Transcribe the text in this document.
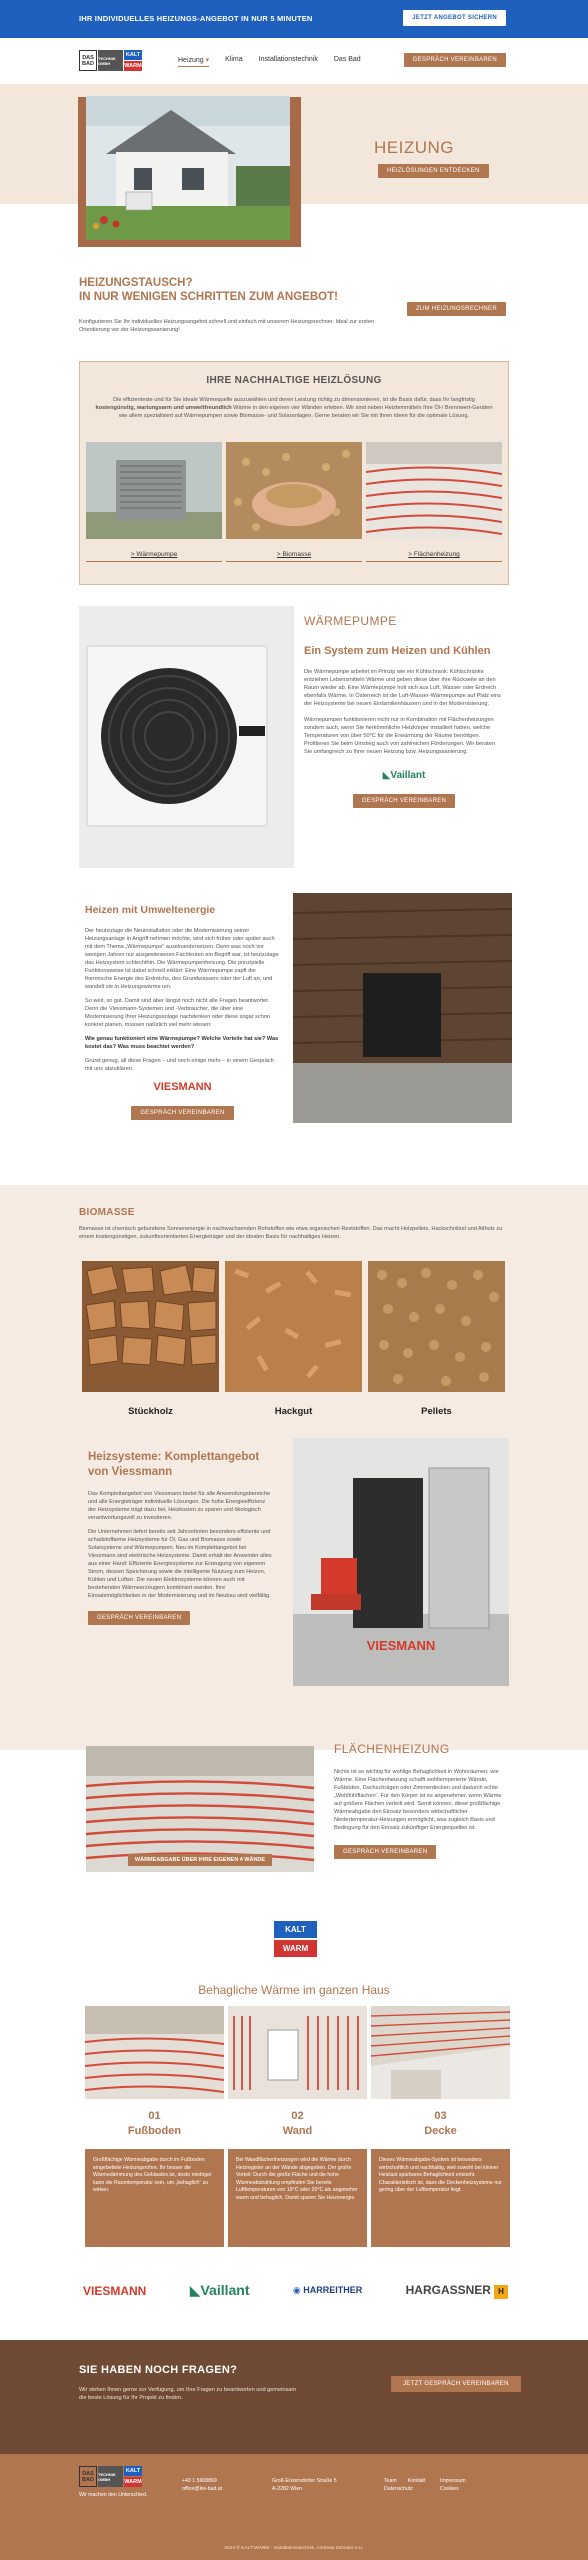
IHR INDIVIDUELLES HEIZUNGS-ANGEBOT IN NUR 5 MINUTEN	JETZT ANGEBOT SICHERN
DAS
BAD
KALT
TECHNIK GMBH	WARM
Heizung ▾ Klima Installationstechnik Das Bad	GESPRÄCH VEREINBAREN
HEIZLÖSUNGEN ENTDECKEN
HEIZUNG
HEIZUNGSTAUSCH?
IN NUR WENIGEN SCHRITTEN ZUM ANGEBOT!
Konfigurieren Sie Ihr individuelles Heizungsangebot schnell und einfach mit unserem Heizungsrechner. Ideal zur ersten Orientierung vor der Heizungssanierung!
ZUM HEIZUNGSRECHNER
IHRE NACHHALTIGE HEIZLÖSUNG

Die effizienteste und für Sie ideale Wärmequelle auszuwählen und deren Leistung richtig zu dimensionieren, ist die Basis dafür, dass Ihr langfristig kostengünstig, wartungsarm und umweltfreundlich Wärme in den eigenen vier Wänden erleben. Wir sind neben Heiztemmitteln Ihre Öl-/ Brennwert-Geräten wie allem spezialisiert auf Wärmepumpen sowie Biomasse- und Solaranlagen. Gerne beraten wir Sie mit Ihren Ideen für die optimale Lösung.

> Wärmepumpe	> Biomasse	> Flächenheizung
WÄRMEPUMPE
Ein System zum Heizen und Kühlen

Die Wärmepumpe arbeitet im Prinzip wie ein Kühlschrank: Kühlschränke entziehen Lebensmitteln Wärme und geben diese über ihre Rückseite an den Raum wieder ab. Eine Wärmepumpe holt sich aus Luft, Wasser oder Erdreich ebenfalls Wärme. In Österreich ist die Luft-Wasser-Wärmepumpe auf Platz eins der Heizsysteme bei neuen Einfamilienhäusern und in der Modernisierung.

Wärmepumpen funktionieren nicht nur in Kombination mit Flächenheizungen sondern auch, wenn Sie herkömmliche Heizkörper installiert haben, welche Temperaturen von über 50°C für die Erwärmung der Räume benötigen. Profitieren Sie beim Umstieg auch von zahlreichen Förderungen. Wir beraten Sie umfangreich zu Ihrer neuen Heizung bzw. Heizungssanierung.

◣Vaillant
GESPRÄCH VEREINBAREN
Heizen mit Umweltenergie

Der heutzutage die Neuinstallation oder die Modernisierung seiner Heizungsanlage in Angriff nehmen möchte, wird sich früher oder später auch mit dem Thema „Wärmepumpe“ auseinandersetzen. Denn was noch vor wenigen Jahren nur ausgewiesenen Fachleuten ein Begriff war, ist heutzutage das Heizsystem schlechthin. Die Wärmepumpenheizung. Die prinzipielle Funktionsweise ist dabei schnell erklärt: Eine Wärmepumpe zapft die thermische Energie des Erdreichs, des Grundwassers oder der Luft an, und wandelt sie in Heizungswärme um.

So weit, so gut. Damit sind aber längst noch nicht alle Fragen beantwortet. Denn die Viessmann-Systemen und -Verbraucher, die über eine Modernisierung Ihrer Heizungsanlage nachdenken oder diese sogar schon konkret planen, müssen natürlich viel mehr wissen:

Wie genau funktioniert eine Wärmepumpe? Welche Vorteile hat sie? Was kostet das? Was muss beachtet werden?

Grund genug, all diese Fragen – und noch einige mehr – in einem Gespräch mit uns abzuklären.

VIESMANN
GESPRÄCH VEREINBAREN
BIOMASSE

Biomasse ist chemisch gebundene Sonnenenergie in nachwachsenden Rohstoffen wie etwa organischen Reststoffen. Das macht Holzpellets, Hackschnitzel und Altholz zu einem kostengünstigen, zukunftsorientierten Energieträger und der idealen Basis für nachhaltiges Heizen.

Stückholz	Hackgut	Pellets
Heizsysteme: Komplettangebot von Viessmann

Das Komplettangebot von Viessmann bietet für alle Anwendungsbereiche und alle Energieträger individuelle Lösungen. Die hohe Energieeffizienz der Heizsysteme trägt dazu bei, Heizkosten zu sparen und ökologisch verantwortungsvoll zu investieren.

Die Unternehmen liefert bereits seit Jahrzehnten besonders effiziente und schadstoffarme Heizsysteme für Öl, Gas und Biomasse sowie Solarsysteme und Wärmepumpen. Neu im Komplettangebot bei Viessmann sind elektrische Heizsysteme. Damit erhält der Anwender alles aus einer Hand: Effiziente Energiesysteme zur Erzeugung von eigenem Strom, dessen Speicherung sowie die intelligente Nutzung zum Heizen, Kühlen und Lüften. Die neuen Elektrosysteme können auch mit bestehenden Wärmeerzeugern kombiniert werden. Ihre Einsatzmöglichkeiten in der Modernisierung und im Neubau sind vielfältig.

GESPRÄCH VEREINBAREN
VIESMANN
WÄRMEABGABE ÜBER IHRE EIGENEN 4 WÄNDE
FLÄCHENHEIZUNG

Nichts ist so wichtig für wohlige Behaglichkeit in Wohnräumen, wie Wärme. Eine Flächenheizung schafft wohltemperierte Wände, Fußböden, Dachschrägen oder Zimmerdecken und dadurch echte „Wohlfühlflächen“. Für den Körper ist es angenehmer, wenn Wärme auf größere Flächen verteilt wird. Somit können, diese großflächige Wärmeabgabe den Einsatz besonders wirtschaftlicher Niedertemperatur-Heizungen ermöglicht, was zugleich Basis und Bedingung für den Einsatz zukünftiger Energiequellen ist.

GESPRÄCH VEREINBAREN
KALT
WARM
Behagliche Wärme im ganzen Haus
01
Fußboden
Großflächige Wärmeabgabe durch im Fußboden eingebettete Heizungsrohre. Ihr besser die Wärmedämmung des Gebäudes ist, desto niedriger kann die Raumtemperatur sein, um „behaglich“ zu wirken.
02
Wand
Bei Wandflächenheizungen wird die Wärme durch Heizregister an der Wände abgegeben. Der große Vorteil: Durch die große Fläche und die hohe Wärmeabstrahlung empfinden Sie bereits Luftfemperaturen von 19°C oder 20°C als angenehm warm und behaglich. Damit sparen Sie Heizenergie.
03
Decke
Dieses Wärmeabgabe-System ist besonders wirtschaftlich und nachhaltig, weil sowohl bei kleiner Heizlast spürbares Behaglichkeit entsteht. Charakteristisch ist, dass die Deckenheizsysteme nur gering über der Lufttemperatur liegt.
VIESMANN	◣Vaillant	◉ HARREITHER	HARGASSNER H
SIE HABEN NOCH FRAGEN?

Wir stehen Ihnen gerne zur Verfügung, um Ihre Fragen zu beantworten und gemeinsam die beste Lösung für Ihr Projekt zu finden.

JETZT GESPRÄCH VEREINBAREN
DAS
BAD
KALT
TECHNIK GMBH	WARM
Wir machen den Unterschied.
+43 1 5908869
office@kw-bad.at
Groß-Enzersdorfer Straße 5
A-2282 Wien
Team
Datenschutz
Kontakt	Impressum
Cookies
2024 © KALT-WARM · Installationstechnik, Andreas Zehnder e.U.
